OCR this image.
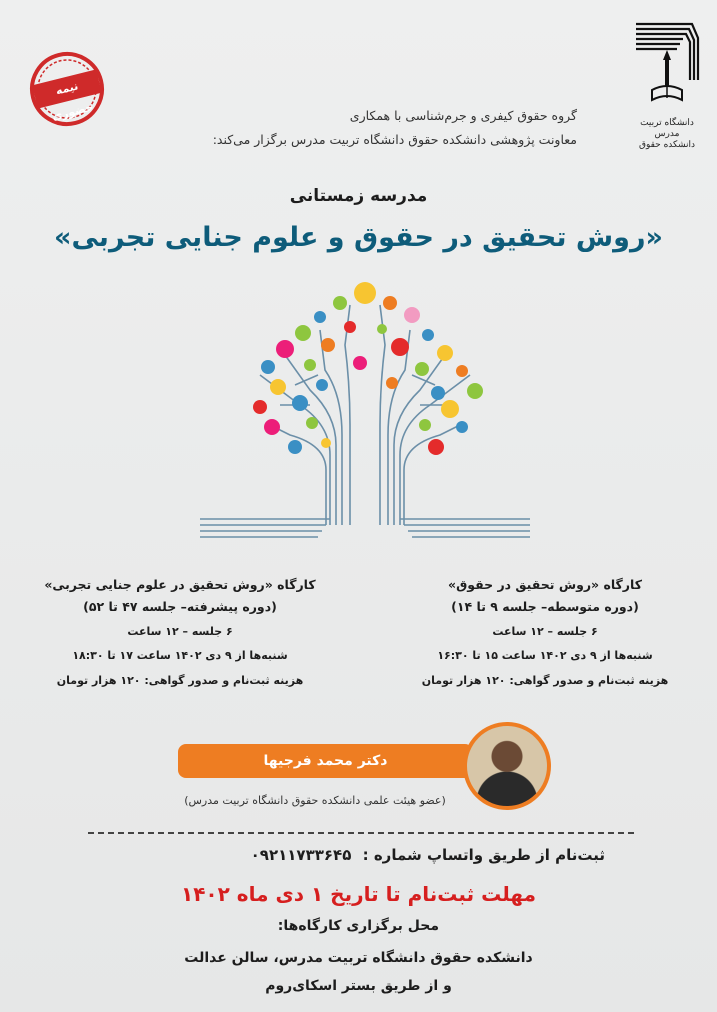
دانشگاه تربیت مدرس
دانشکده حقوق
نیمه حضوری	گروه حقوق کیفری و جرم‌شناسی با همکاری
معاونت پژوهشی دانشکده حقوق دانشگاه تربیت مدرس برگزار می‌کند:
مدرسه زمستانی
«روش تحقیق در حقوق و علوم جنایی تجربی»
کارگاه «روش تحقیق در حقوق»
(دوره متوسطه– جلسه ۹ تا ۱۴)
۶ جلسه – ۱۲ ساعت
شنبه‌ها از ۹ دی ۱۴۰۲ ساعت ۱۵ تا ۱۶:۳۰
هزینه ثبت‌نام و صدور گواهی: ۱۲۰ هزار تومان
کارگاه «روش تحقیق در علوم جنایی تجربی»
(دوره پیشرفته– جلسه ۴۷ تا ۵۲)
۶ جلسه – ۱۲ ساعت
شنبه‌ها از ۹ دی ۱۴۰۲ ساعت ۱۷ تا ۱۸:۳۰
هزینه ثبت‌نام و صدور گواهی: ۱۲۰ هزار تومان
دکتر محمد فرجیها
(عضو هیئت علمی دانشکده حقوق دانشگاه تربیت مدرس)
ثبت‌نام از طریق واتساپ شماره : ۰۹۲۱۱۷۳۳۶۴۵
مهلت ثبت‌نام تا تاریخ ۱ دی ماه ۱۴۰۲
محل برگزاری کارگاه‌ها:
دانشکده حقوق دانشگاه تربیت مدرس، سالن عدالت
و از طریق بستر اسکای‌روم
